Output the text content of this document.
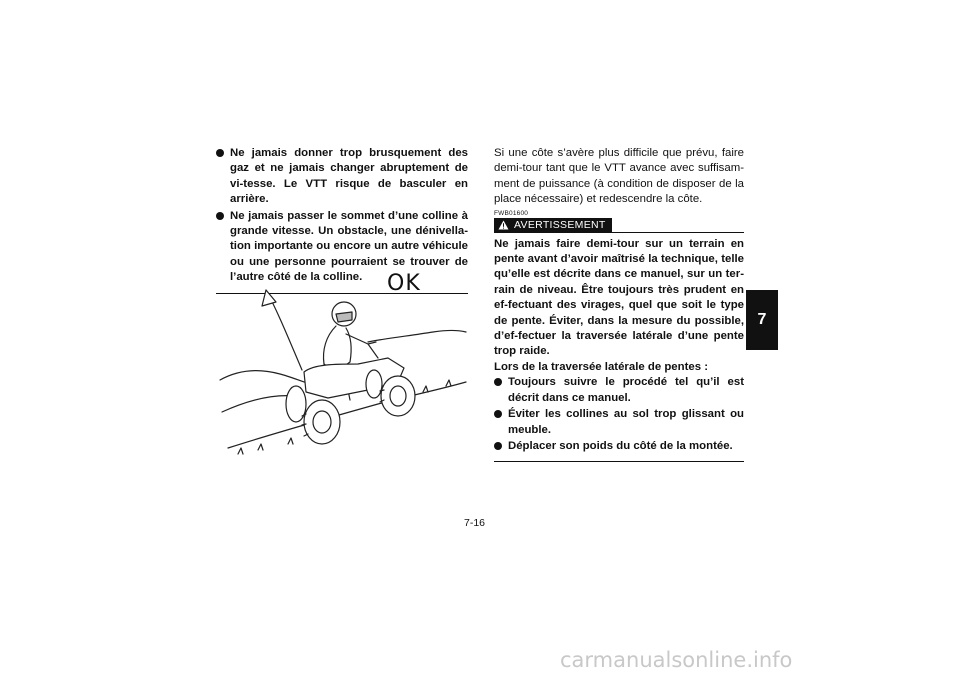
Ne jamais donner trop brusquement des gaz et ne jamais changer abruptement de vi-tesse. Le VTT risque de basculer en arrière.
Ne jamais passer le sommet d’une colline à grande vitesse. Un obstacle, une dénivella-tion importante ou encore un autre véhicule ou une personne pourraient se trouver de l’autre côté de la colline.	OK

Si une côte s’avère plus difficile que prévu, faire demi-tour tant que le VTT avance avec suffisam-ment de puissance (à condition de disposer de la place nécessaire) et redescendre la côte.

FWB01600
AVERTISSEMENT

Ne jamais faire demi-tour sur un terrain en pente avant d’avoir maîtrisé la technique, telle qu’elle est décrite dans ce manuel, sur un ter-rain de niveau. Être toujours très prudent en ef-fectuant des virages, quel que soit le type de pente. Éviter, dans la mesure du possible, d’ef-fectuer la traversée latérale d’une pente trop raide.

Lors de la traversée latérale de pentes :

Toujours suivre le procédé tel qu’il est décrit dans ce manuel.
Éviter les collines au sol trop glissant ou meuble.
Déplacer son poids du côté de la montée.
7-16
7
carmanualsonline.info
